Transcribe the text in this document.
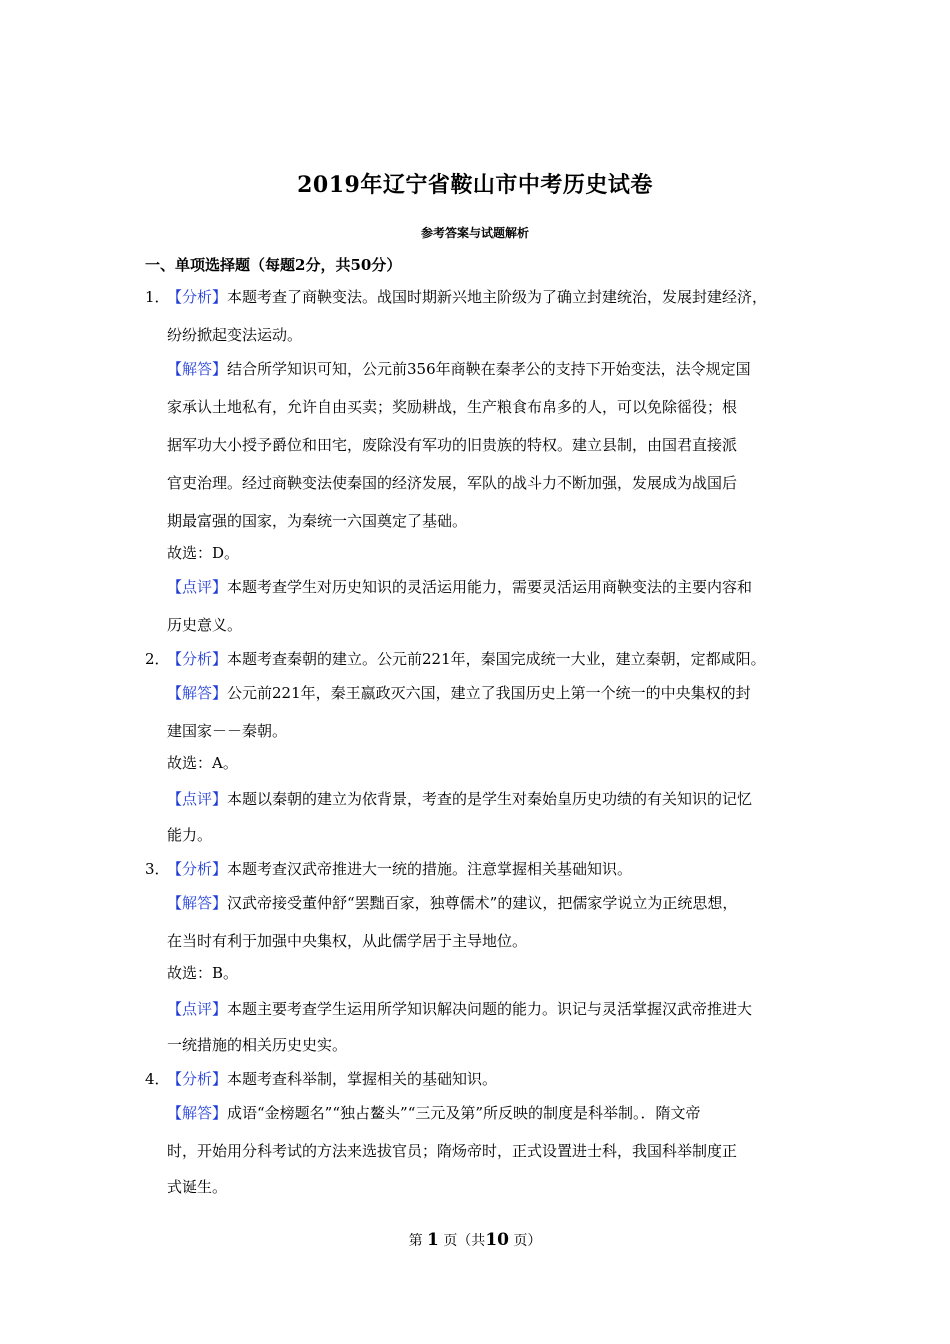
2019年辽宁省鞍山市中考历史试卷
参考答案与试题解析
一、单项选择题（每题2分，共50分）
1．
【分析】本题考查了商鞅变法。战国时期新兴地主阶级为了确立封建统治，发展封建经济，
纷纷掀起变法运动。
【解答】结合所学知识可知，公元前356年商鞅在秦孝公的支持下开始变法，法令规定国
家承认土地私有，允许自由买卖；奖励耕战，生产粮食布帛多的人，可以免除徭役；根
据军功大小授予爵位和田宅，废除没有军功的旧贵族的特权。建立县制，由国君直接派
官吏治理。经过商鞅变法使秦国的经济发展，军队的战斗力不断加强，发展成为战国后
期最富强的国家，为秦统一六国奠定了基础。
故选：D。
【点评】本题考查学生对历史知识的灵活运用能力，需要灵活运用商鞅变法的主要内容和
历史意义。
2．
【分析】本题考查秦朝的建立。公元前221年，秦国完成统一大业，建立秦朝，定都咸阳。
【解答】公元前221年，秦王嬴政灭六国，建立了我国历史上第一个统一的中央集权的封
建国家－－秦朝。
故选：A。
【点评】本题以秦朝的建立为依背景，考查的是学生对秦始皇历史功绩的有关知识的记忆
能力。
3．
【分析】本题考查汉武帝推进大一统的措施。注意掌握相关基础知识。
【解答】汉武帝接受董仲舒“罢黜百家，独尊儒术”的建议，把儒家学说立为正统思想，
在当时有利于加强中央集权，从此儒学居于主导地位。
故选：B。
【点评】本题主要考查学生运用所学知识解决问题的能力。识记与灵活掌握汉武帝推进大
一统措施的相关历史史实。
4．
【分析】本题考查科举制，掌握相关的基础知识。
【解答】成语“金榜题名”“独占鳌头”“三元及第”所反映的制度是科举制。．隋文帝
时，开始用分科考试的方法来选拔官员；隋炀帝时，正式设置进士科，我国科举制度正
式诞生。
第 1 页（共10 页）
